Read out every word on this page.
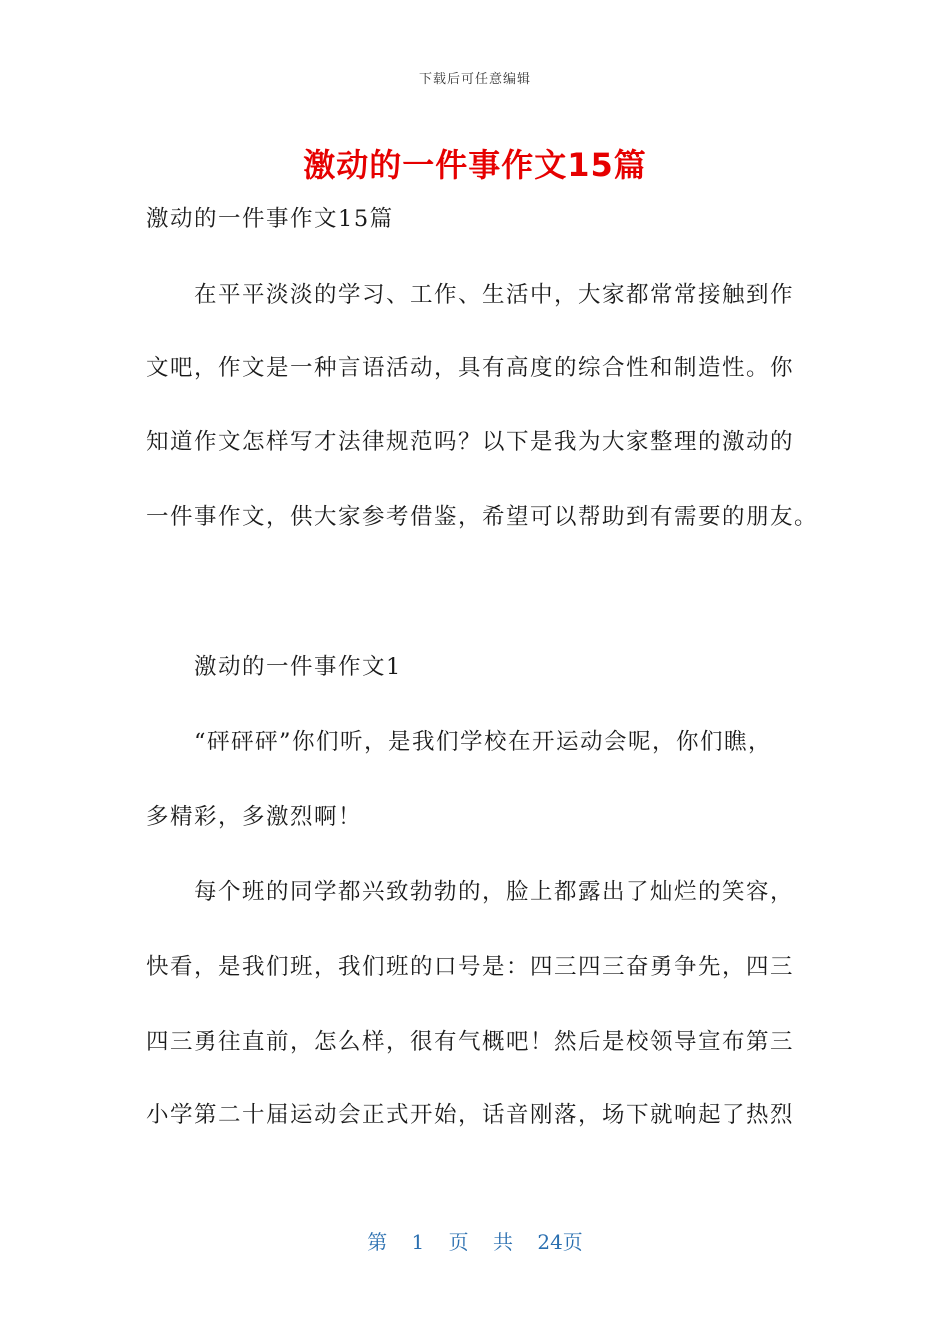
下载后可任意编辑
激动的一件事作文15篇
激动的一件事作文15篇
在平平淡淡的学习、工作、生活中，大家都常常接触到作
文吧，作文是一种言语活动，具有高度的综合性和制造性。你
知道作文怎样写才法律规范吗？以下是我为大家整理的激动的
一件事作文，供大家参考借鉴，希望可以帮助到有需要的朋友。
激动的一件事作文1
“砰砰砰”你们听，是我们学校在开运动会呢，你们瞧，
多精彩，多激烈啊！
每个班的同学都兴致勃勃的，脸上都露出了灿烂的笑容，
快看，是我们班，我们班的口号是：四三四三奋勇争先，四三
四三勇往直前，怎么样，很有气概吧！然后是校领导宣布第三
小学第二十届运动会正式开始，话音刚落，场下就响起了热烈
第 1 页 共 24页
